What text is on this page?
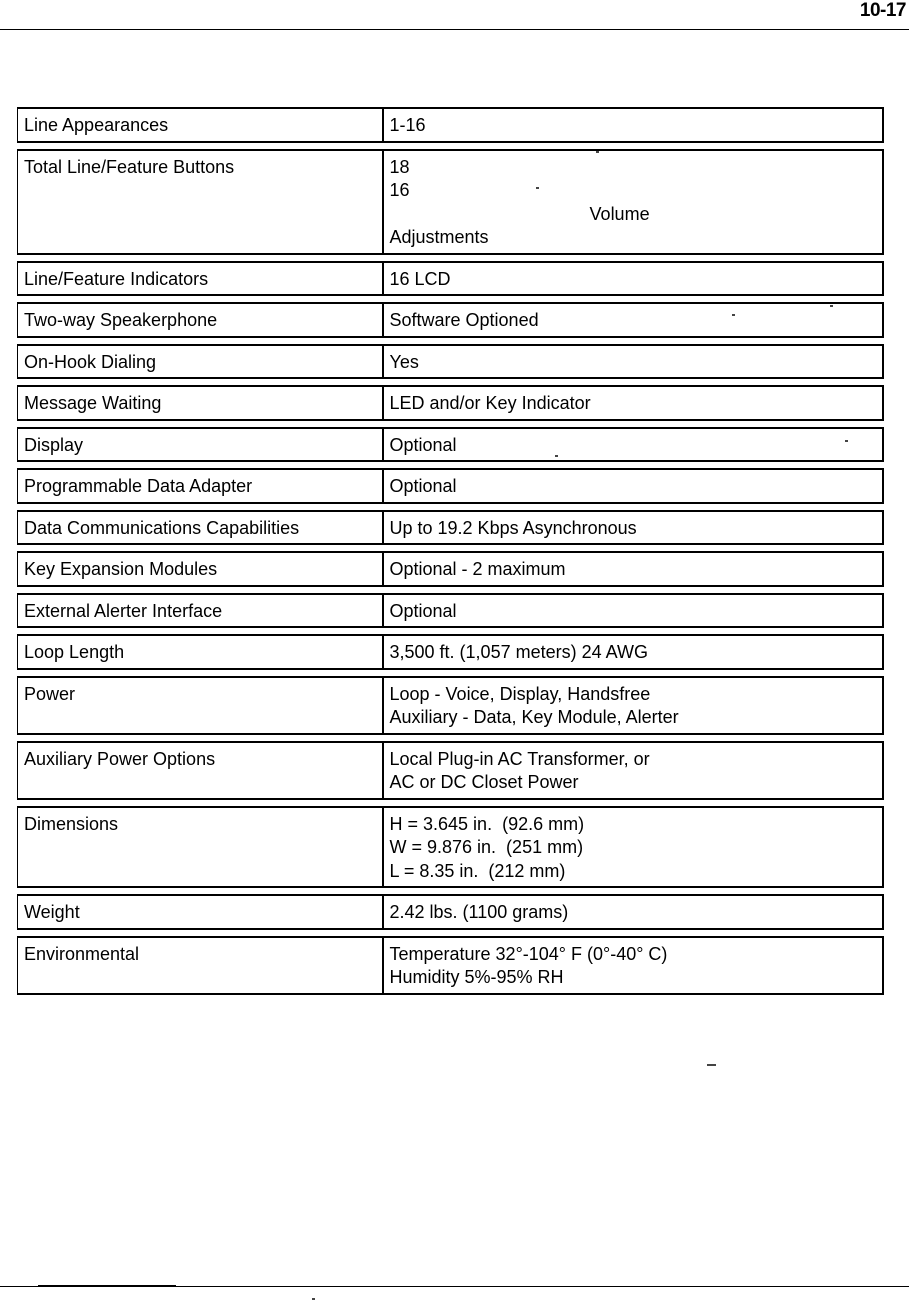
10-17
Line Appearances	1-16

Total Line/Feature Buttons	18
16
Volume
Adjustments

Line/Feature Indicators	16 LCD

Two-way Speakerphone	Software Optioned

On-Hook Dialing	Yes

Message Waiting	LED and/or Key Indicator

Display	Optional

Programmable Data Adapter	Optional

Data Communications Capabilities	Up to 19.2 Kbps Asynchronous

Key Expansion Modules	Optional - 2 maximum

External Alerter Interface	Optional

Loop Length	3,500 ft. (1,057 meters) 24 AWG

Power	Loop - Voice, Display, Handsfree
Auxiliary - Data, Key Module, Alerter

Auxiliary Power Options	Local Plug-in AC Transformer, or
AC or DC Closet Power

Dimensions	H = 3.645 in.  (92.6 mm)
W = 9.876 in.  (251 mm)
L = 8.35 in.  (212 mm)

Weight	2.42 lbs. (1100 grams)

Environmental	Temperature 32°-104° F (0°-40° C)
Humidity 5%-95% RH
